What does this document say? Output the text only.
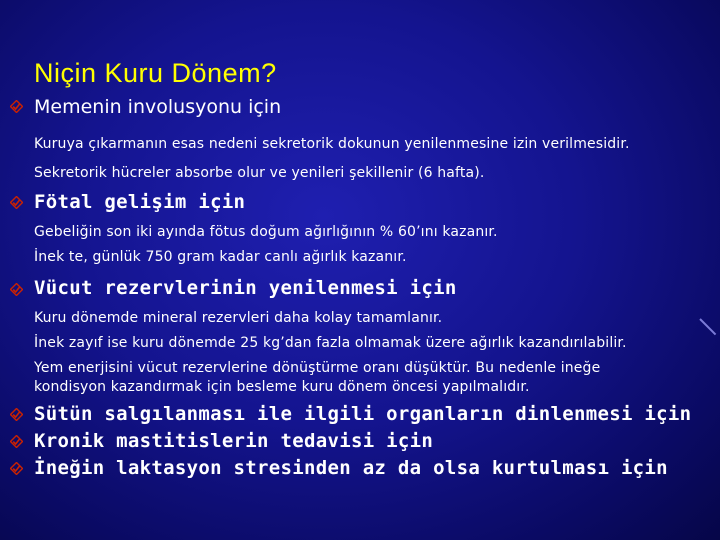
Niçin Kuru Dönem?
Memenin involusyonu için
Kuruya çıkarmanın esas nedeni sekretorik dokunun yenilenmesine izin verilmesidir.
Sekretorik hücreler absorbe olur ve yenileri şekillenir (6 hafta).
Fötal gelişim için
Gebeliğin son iki ayında fötus doğum ağırlığının % 60’ını kazanır.
İnek te, günlük 750 gram kadar canlı ağırlık kazanır.
Vücut rezervlerinin yenilenmesi için
Kuru dönemde mineral rezervleri daha kolay tamamlanır.
İnek zayıf ise kuru dönemde 25 kg’dan fazla olmamak üzere ağırlık kazandırılabilir.
Yem enerjisini vücut rezervlerine dönüştürme oranı düşüktür. Bu nedenle ineğe
kondisyon kazandırmak için besleme kuru dönem öncesi yapılmalıdır.
Sütün salgılanması ile ilgili organların dinlenmesi için
Kronik mastitislerin tedavisi için
İneğin laktasyon stresinden az da olsa kurtulması için
